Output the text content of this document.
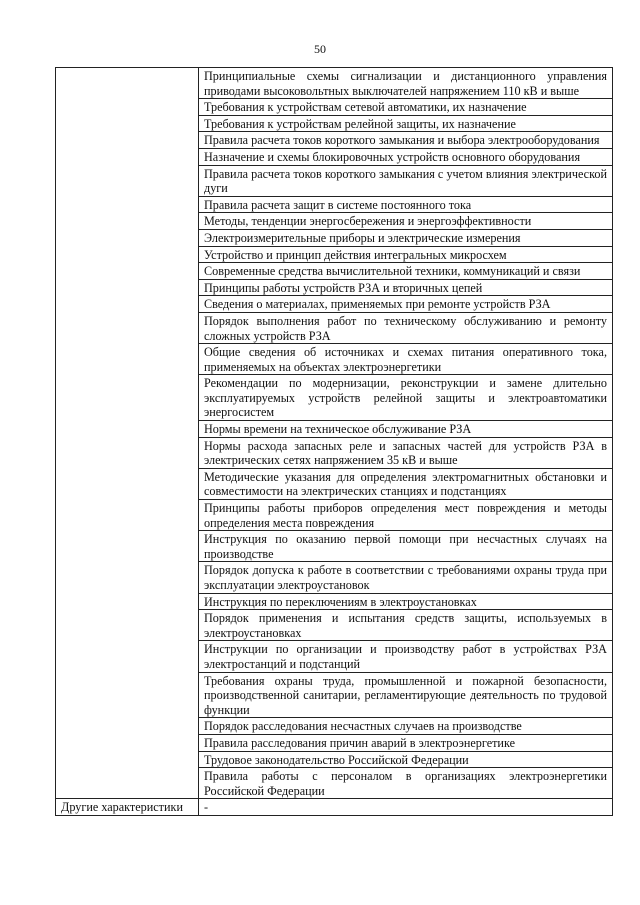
50
	Принципиальные схемы сигнализации и дистанционного управления приводами высоковольтных выключателей напряжением 110 кВ и выше
	Требования к устройствам сетевой автоматики, их назначение
	Требования к устройствам релейной защиты, их назначение
	Правила расчета токов короткого замыкания и выбора электрооборудования
	Назначение и схемы блокировочных устройств основного оборудования
	Правила расчета токов короткого замыкания с учетом влияния электрической дуги
	Правила расчета защит в системе постоянного тока
	Методы, тенденции энергосбережения и энергоэффективности
	Электроизмерительные приборы и электрические измерения
	Устройство и принцип действия интегральных микросхем
	Современные средства вычислительной техники, коммуникаций и связи
	Принципы работы устройств РЗА и вторичных цепей
	Сведения о материалах, применяемых при ремонте устройств РЗА
	Порядок выполнения работ по техническому обслуживанию и ремонту сложных устройств РЗА
	Общие сведения об источниках и схемах питания оперативного тока, применяемых на объектах электроэнергетики
	Рекомендации по модернизации, реконструкции и замене длительно эксплуатируемых устройств релейной защиты и электроавтоматики энергосистем
	Нормы времени на техническое обслуживание РЗА
	Нормы расхода запасных реле и запасных частей для устройств РЗА в электрических сетях напряжением 35 кВ и выше
	Методические указания для определения электромагнитных обстановки и совместимости на электрических станциях и подстанциях
	Принципы работы приборов определения мест повреждения и методы определения места повреждения
	Инструкция по оказанию первой помощи при несчастных случаях на производстве
	Порядок допуска к работе в соответствии с требованиями охраны труда при эксплуатации электроустановок
	Инструкция по переключениям в электроустановках
	Порядок применения и испытания средств защиты, используемых в электроустановках
	Инструкции по организации и производству работ в устройствах РЗА электростанций и подстанций
	Требования охраны труда, промышленной и пожарной безопасности, производственной санитарии, регламентирующие деятельность по трудовой функции
	Порядок расследования несчастных случаев на производстве
	Правила расследования причин аварий в электроэнергетике
	Трудовое законодательство Российской Федерации
	Правила работы с персоналом в организациях электроэнергетики Российской Федерации
Другие характеристики	-
